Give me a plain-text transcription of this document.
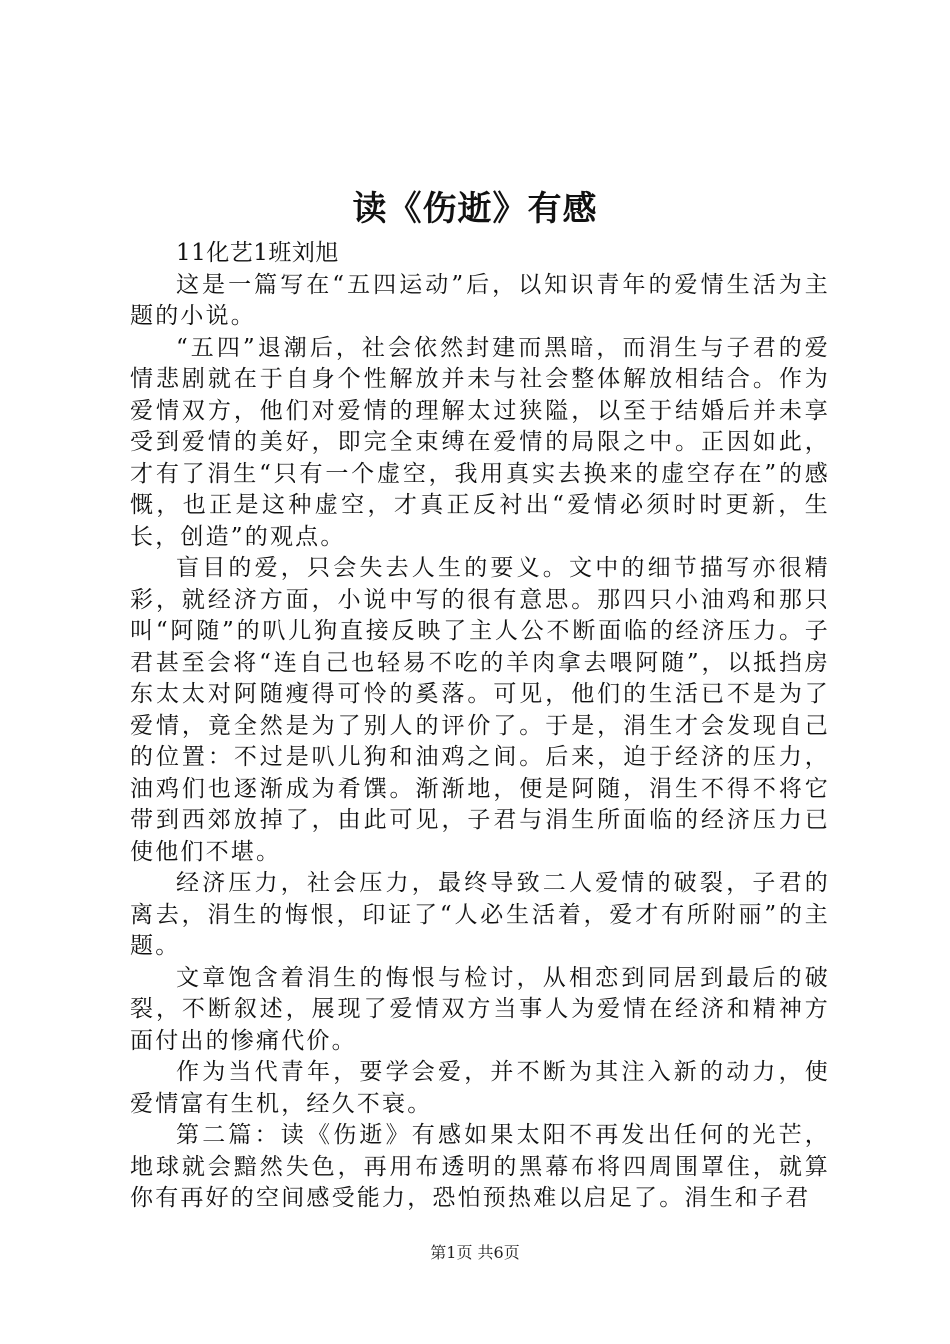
读《伤逝》有感

11化艺1班刘旭

这是一篇写在“五四运动”后，以知识青年的爱情生活为主题的小说。

“五四”退潮后，社会依然封建而黑暗，而涓生与子君的爱情悲剧就在于自身个性解放并未与社会整体解放相结合。作为爱情双方，他们对爱情的理解太过狭隘，以至于结婚后并未享受到爱情的美好，即完全束缚在爱情的局限之中。正因如此，才有了涓生“只有一个虚空，我用真实去换来的虚空存在”的感慨，也正是这种虚空，才真正反衬出“爱情必须时时更新，生长，创造”的观点。

盲目的爱，只会失去人生的要义。文中的细节描写亦很精彩，就经济方面，小说中写的很有意思。那四只小油鸡和那只叫“阿随”的叭儿狗直接反映了主人公不断面临的经济压力。子君甚至会将“连自己也轻易不吃的羊肉拿去喂阿随”，以抵挡房东太太对阿随瘦得可怜的奚落。可见，他们的生活已不是为了爱情，竟全然是为了别人的评价了。于是，涓生才会发现自己的位置：不过是叭儿狗和油鸡之间。后来，迫于经济的压力，油鸡们也逐渐成为肴馔。渐渐地，便是阿随，涓生不得不将它带到西郊放掉了，由此可见，子君与涓生所面临的经济压力已使他们不堪。

经济压力，社会压力，最终导致二人爱情的破裂，子君的离去，涓生的悔恨，印证了“人必生活着，爱才有所附丽”的主题。

文章饱含着涓生的悔恨与检讨，从相恋到同居到最后的破裂，不断叙述，展现了爱情双方当事人为爱情在经济和精神方面付出的惨痛代价。

作为当代青年，要学会爱，并不断为其注入新的动力，使爱情富有生机，经久不衰。

第二篇：读《伤逝》有感如果太阳不再发出任何的光芒，地球就会黯然失色，再用布透明的黑幕布将四周围罩住，就算你有再好的空间感受能力，恐怕预热难以启足了。涓生和子君

第1页 共6页
